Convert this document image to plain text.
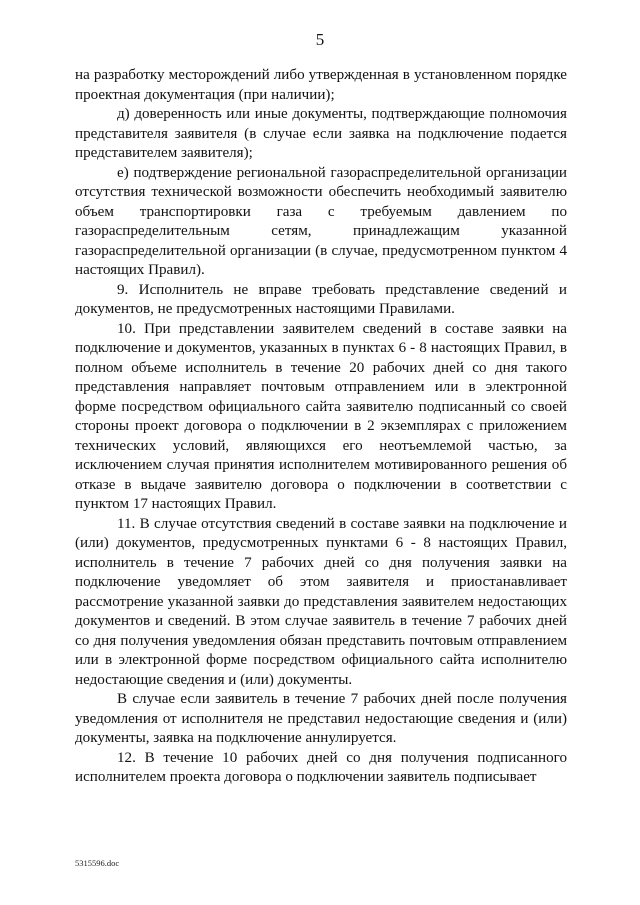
5

на разработку месторождений либо утвержденная в установленном порядке проектная документация (при наличии);

д) доверенность или иные документы, подтверждающие полномочия представителя заявителя (в случае если заявка на подключение подается представителем заявителя);

е) подтверждение региональной газораспределительной организации отсутствия технической возможности обеспечить необходимый заявителю объем транспортировки газа с требуемым давлением по газораспределительным сетям, принадлежащим указанной газораспределительной организации (в случае, предусмотренном пунктом 4 настоящих Правил).

9. Исполнитель не вправе требовать представление сведений и документов, не предусмотренных настоящими Правилами.

10. При представлении заявителем сведений в составе заявки на подключение и документов, указанных в пунктах 6 - 8 настоящих Правил, в полном объеме исполнитель в течение 20 рабочих дней со дня такого представления направляет почтовым отправлением или в электронной форме посредством официального сайта заявителю подписанный со своей стороны проект договора о подключении в 2 экземплярах с приложением технических условий, являющихся его неотъемлемой частью, за исключением случая принятия исполнителем мотивированного решения об отказе в выдаче заявителю договора о подключении в соответствии с пунктом 17 настоящих Правил.

11. В случае отсутствия сведений в составе заявки на подключение и (или) документов, предусмотренных пунктами 6 - 8 настоящих Правил, исполнитель в течение 7 рабочих дней со дня получения заявки на подключение уведомляет об этом заявителя и приостанавливает рассмотрение указанной заявки до представления заявителем недостающих документов и сведений. В этом случае заявитель в течение 7 рабочих дней со дня получения уведомления обязан представить почтовым отправлением или в электронной форме посредством официального сайта исполнителю недостающие сведения и (или) документы.

В случае если заявитель в течение 7 рабочих дней после получения уведомления от исполнителя не представил недостающие сведения и (или) документы, заявка на подключение аннулируется.

12. В течение 10 рабочих дней со дня получения подписанного исполнителем проекта договора о подключении заявитель подписывает

5315596.doc
